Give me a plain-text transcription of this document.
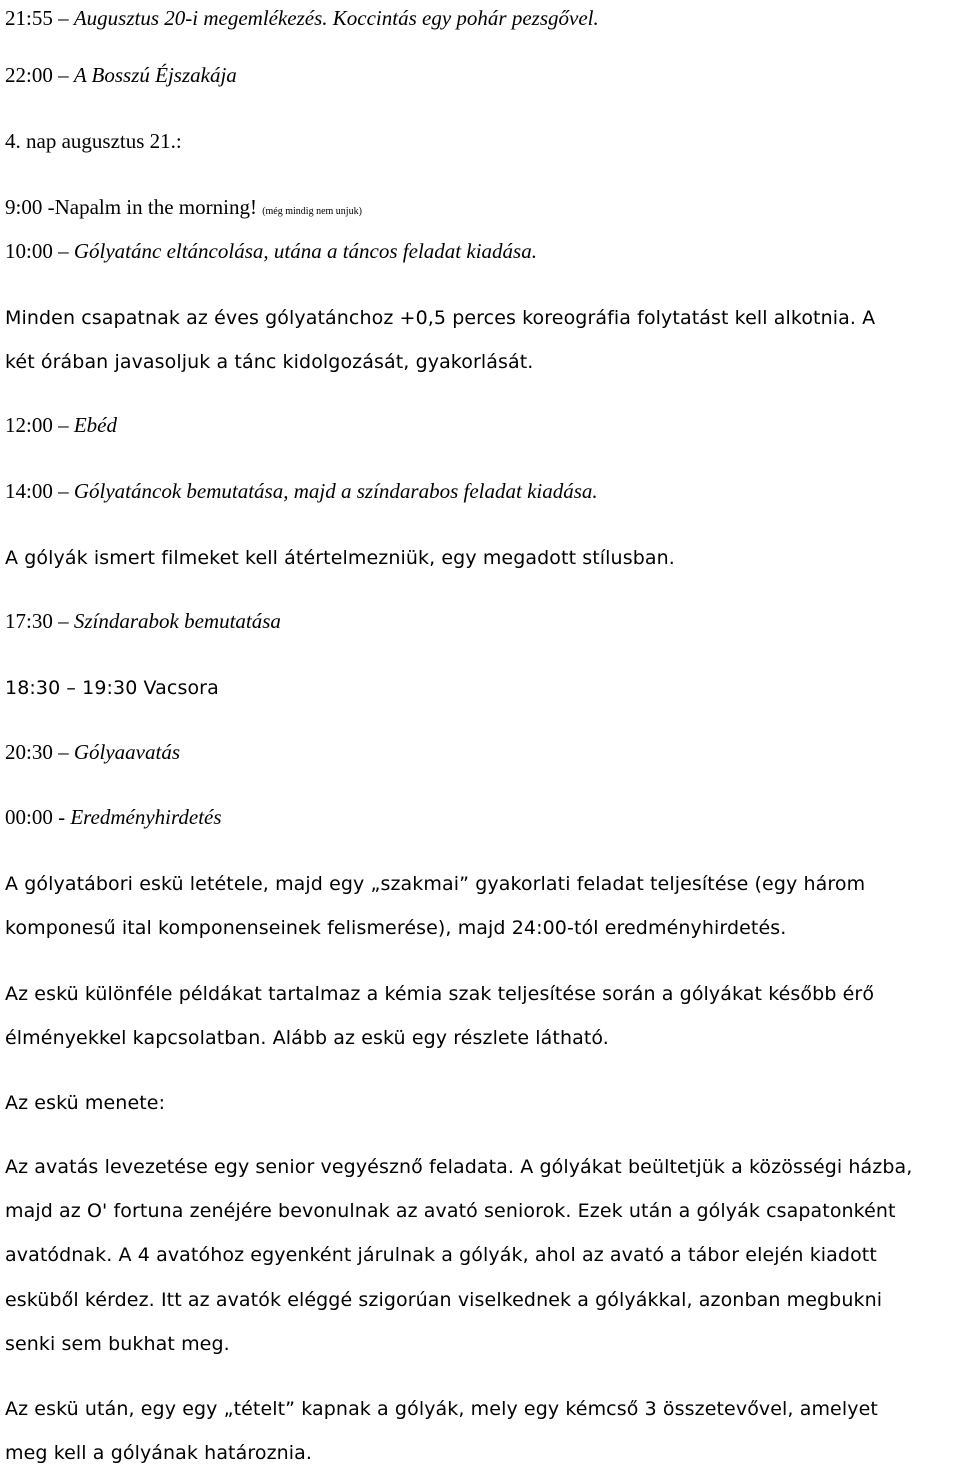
21:55 – Augusztus 20-i megemlékezés. Koccintás egy pohár pezsgővel.
22:00 – A Bosszú Éjszakája
4. nap augusztus 21.:
9:00 -Napalm in the morning! (még mindig nem unjuk)
10:00 – Gólyatánc eltáncolása, utána a táncos feladat kiadása.
Minden csapatnak az éves gólyatánchoz +0,5 perces koreográfia folytatást kell alkotnia. A
két órában javasoljuk a tánc kidolgozását, gyakorlását.
12:00 – Ebéd
14:00 – Gólyatáncok bemutatása, majd a színdarabos feladat kiadása.
A gólyák ismert filmeket kell átértelmezniük, egy megadott stílusban.
17:30 – Színdarabok bemutatása
18:30 – 19:30 Vacsora
20:30 – Gólyaavatás
00:00 - Eredményhirdetés
A gólyatábori eskü letétele, majd egy „szakmai” gyakorlati feladat teljesítése (egy három
komponesű ital komponenseinek felismerése), majd 24:00-tól eredményhirdetés.
Az eskü különféle példákat tartalmaz a kémia szak teljesítése során a gólyákat később érő
élményekkel kapcsolatban. Alább az eskü egy részlete látható.
Az eskü menete:
Az avatás levezetése egy senior vegyésznő feladata. A gólyákat beültetjük a közösségi házba,
majd az O' fortuna zenéjére bevonulnak az avató seniorok. Ezek után a gólyák csapatonként
avatódnak. A 4 avatóhoz egyenként járulnak a gólyák, ahol az avató a tábor elején kiadott
esküből kérdez. Itt az avatók eléggé szigorúan viselkednek a gólyákkal, azonban megbukni
senki sem bukhat meg.
Az eskü után, egy egy „tételt” kapnak a gólyák, mely egy kémcső 3 összetevővel, amelyet
meg kell a gólyának határoznia.
